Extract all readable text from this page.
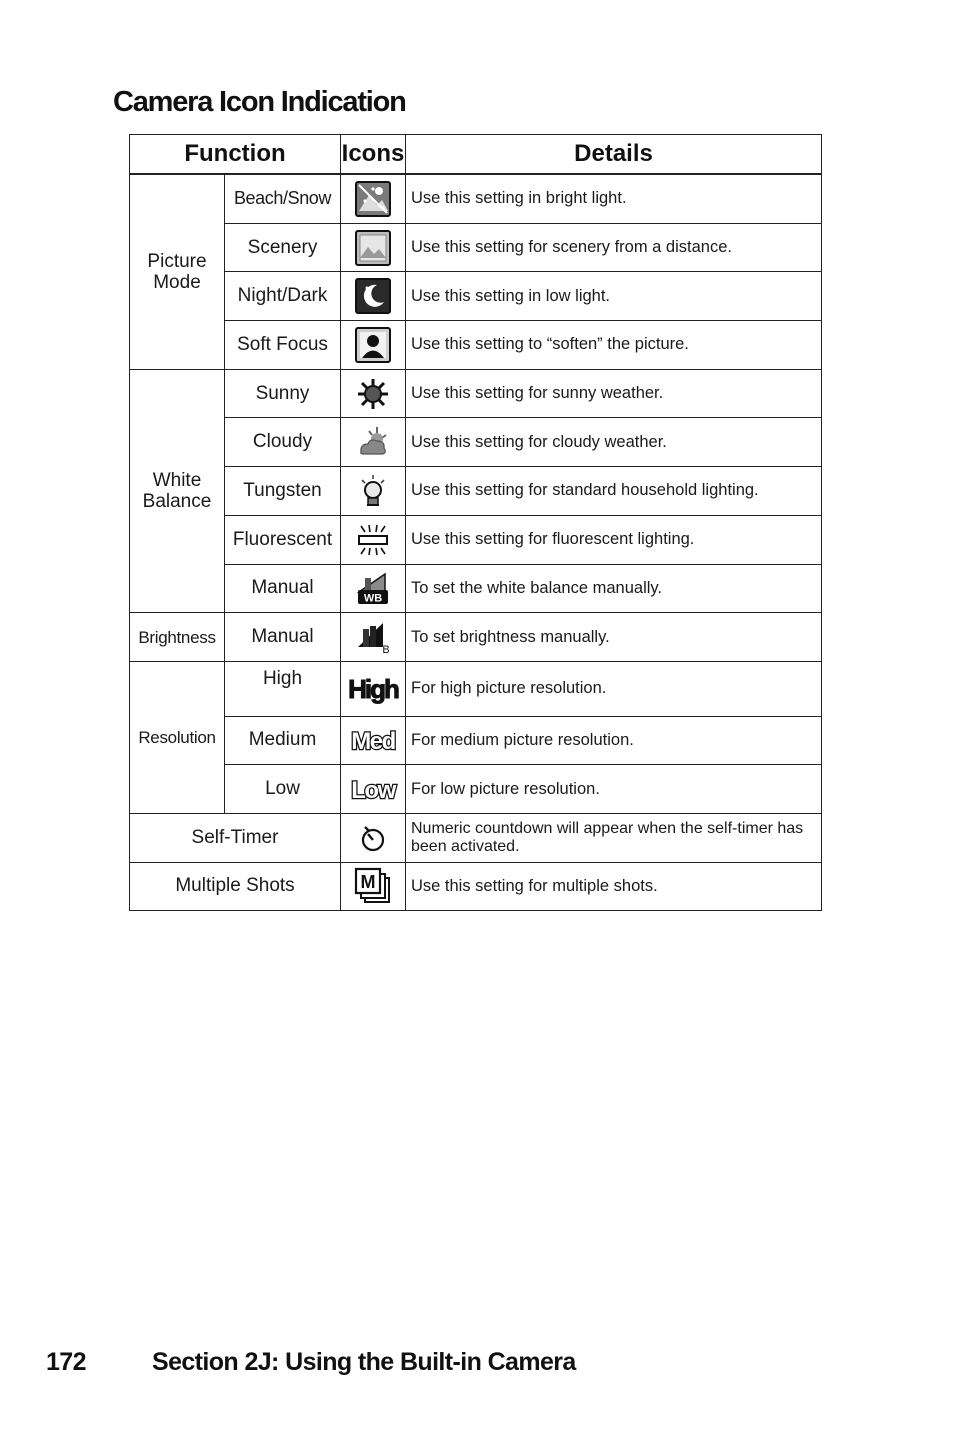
Camera Icon Indication
Function		Icons	Details
Picture Mode	Beach/Snow		Use this setting in bright light.
	Scenery		Use this setting for scenery from a distance.
	Night/Dark		Use this setting in low light.
	Soft Focus		Use this setting to “soften” the picture.
White Balance	Sunny		Use this setting for sunny weather.
	Cloudy		Use this setting for cloudy weather.
	Tungsten		Use this setting for standard household lighting.
	Fluorescent		Use this setting for fluorescent lighting.
	Manual	WB	To set the white balance manually.
Brightness	Manual	B	To set brightness manually.
Resolution	High	High	For high picture resolution.
	Medium	Med	For medium picture resolution.
	Low	Low	For low picture resolution.
Self-Timer			Numeric countdown will appear when the self-timer has been activated.
Multiple Shots		M	Use this setting for multiple shots.
172	Section 2J: Using the Built-in Camera
